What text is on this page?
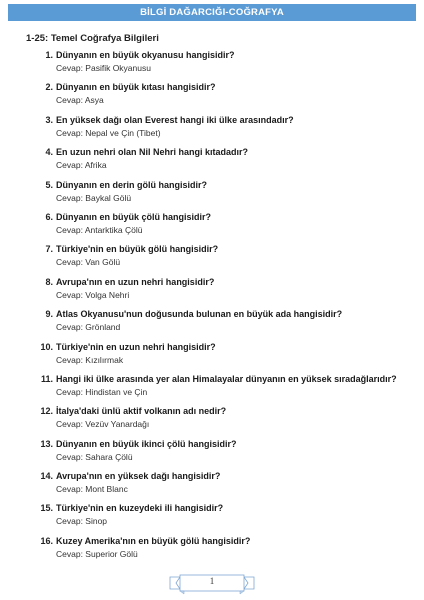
BİLGİ DAĞARCIĞI-COĞRAFYA
1-25: Temel Coğrafya Bilgileri
1. Dünyanın en büyük okyanusu hangisidir?
Cevap: Pasifik Okyanusu
2. Dünyanın en büyük kıtası hangisidir?
Cevap: Asya
3. En yüksek dağı olan Everest hangi iki ülke arasındadır?
Cevap: Nepal ve Çin (Tibet)
4. En uzun nehri olan Nil Nehri hangi kıtadadır?
Cevap: Afrika
5. Dünyanın en derin gölü hangisidir?
Cevap: Baykal Gölü
6. Dünyanın en büyük çölü hangisidir?
Cevap: Antarktika Çölü
7. Türkiye'nin en büyük gölü hangisidir?
Cevap: Van Gölü
8. Avrupa'nın en uzun nehri hangisidir?
Cevap: Volga Nehri
9. Atlas Okyanusu'nun doğusunda bulunan en büyük ada hangisidir?
Cevap: Grönland
10. Türkiye'nin en uzun nehri hangisidir?
Cevap: Kızılırmak
11. Hangi iki ülke arasında yer alan Himalayalar dünyanın en yüksek sıradağlarıdır?
Cevap: Hindistan ve Çin
12. İtalya'daki ünlü aktif volkanın adı nedir?
Cevap: Vezüv Yanardağı
13. Dünyanın en büyük ikinci çölü hangisidir?
Cevap: Sahara Çölü
14. Avrupa'nın en yüksek dağı hangisidir?
Cevap: Mont Blanc
15. Türkiye'nin en kuzeydeki ili hangisidir?
Cevap: Sinop
16. Kuzey Amerika'nın en büyük gölü hangisidir?
Cevap: Superior Gölü
1
